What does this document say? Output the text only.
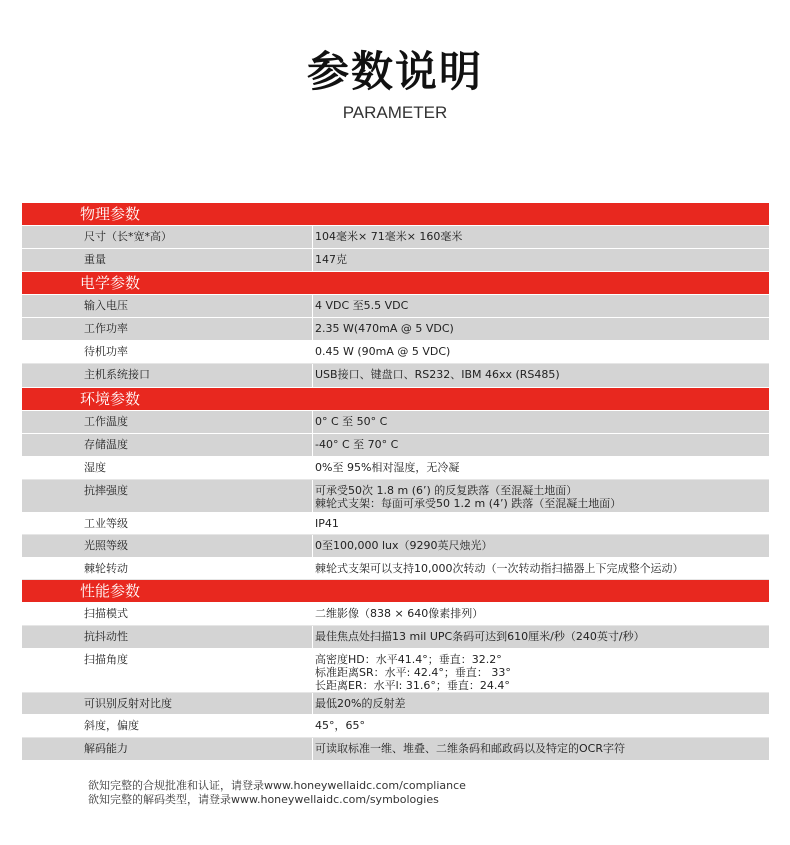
参数说明
PARAMETER
物理参数
尺寸（长*宽*高）	104毫米× 71毫米× 160毫米
重量	147克
电学参数
输入电压	4 VDC 至5.5 VDC
工作功率	2.35 W(470mA @ 5 VDC)
待机功率	0.45 W (90mA @ 5 VDC)
主机系统接口	USB接口、键盘口、RS232、IBM 46xx (RS485)
环境参数
工作温度	0° C 至 50° C
存储温度	-40° C 至 70° C
湿度	0%至 95%相对湿度，无冷凝
抗摔强度	可承受50次 1.8 m (6’) 的反复跌落（至混凝土地面）
棘轮式支架：每面可承受50 1.2 m (4’) 跌落（至混凝土地面）
工业等级	IP41
光照等级	0至100,000 lux（9290英尺烛光）
棘轮转动	棘轮式支架可以支持10,000次转动（一次转动指扫描器上下完成整个运动）
性能参数
扫描模式	二维影像（838 × 640像素排列）
抗抖动性	最佳焦点处扫描13 mil UPC条码可达到610厘米/秒（240英寸/秒）
扫描角度	高密度HD：水平41.4°；垂直：32.2°
标准距离SR：水平: 42.4°；垂直： 33°
长距离ER：水平l: 31.6°；垂直：24.4°
可识别反射对比度	最低20%的反射差
斜度，偏度	45°，65°
解码能力	可读取标准一维、堆叠、二维条码和邮政码以及特定的OCR字符
欲知完整的合规批准和认证，请登录www.honeywellaidc.com/compliance
欲知完整的解码类型，请登录www.honeywellaidc.com/symbologies
